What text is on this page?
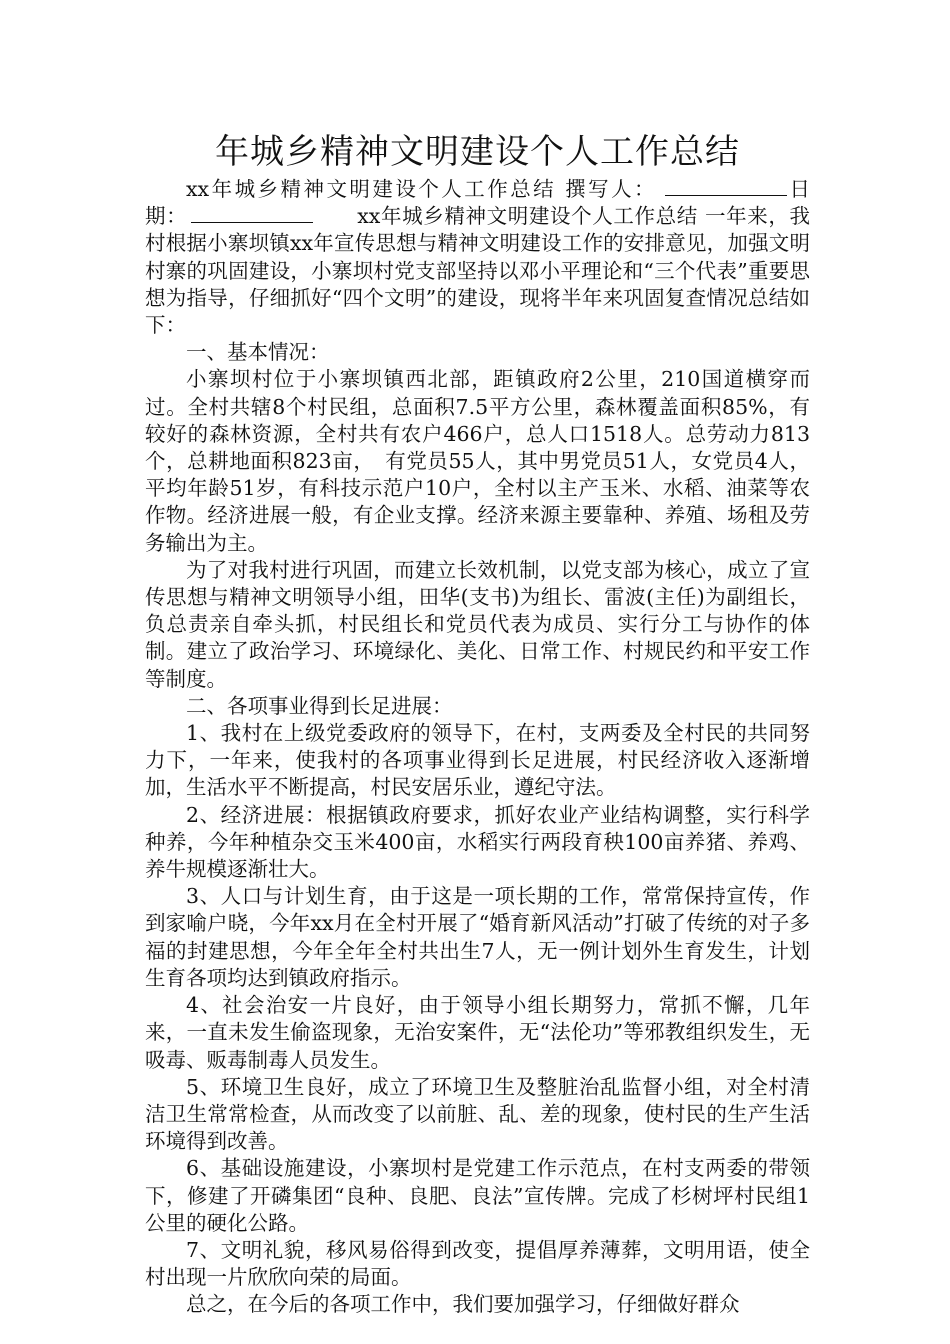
年城乡精神文明建设个人工作总结

xx年城乡精神文明建设个人工作总结 撰写人：	日　期：	xx年城乡精神文明建设个人工作总结 一年来，我村根据小寨坝镇xx年宣传思想与精神文明建设工作的安排意见，加强文明村寨的巩固建设，小寨坝村党支部坚持以邓小平理论和“三个代表”重要思想为指导，仔细抓好“四个文明”的建设，现将半年来巩固复查情况总结如下：

一、基本情况：

小寨坝村位于小寨坝镇西北部，距镇政府2公里，210国道横穿而过。全村共辖8个村民组，总面积7.5平方公里，森林覆盖面积85%，有较好的森林资源，全村共有农户466户，总人口1518人。总劳动力813个，总耕地面积823亩，　有党员55人，其中男党员51人，女党员4人，平均年龄51岁，有科技示范户10户，全村以主产玉米、水稻、油菜等农作物。经济进展一般，有企业支撑。经济来源主要靠种、养殖、场租及劳务输出为主。

为了对我村进行巩固，而建立长效机制，以党支部为核心，成立了宣传思想与精神文明领导小组，田华(支书)为组长、雷波(主任)为副组长，负总责亲自牵头抓，村民组长和党员代表为成员、实行分工与协作的体制。建立了政治学习、环境绿化、美化、日常工作、村规民约和平安工作等制度。

二、各项事业得到长足进展：

1、我村在上级党委政府的领导下，在村，支两委及全村民的共同努力下，一年来，使我村的各项事业得到长足进展，村民经济收入逐渐增加，生活水平不断提高，村民安居乐业，遵纪守法。

2、经济进展：根据镇政府要求，抓好农业产业结构调整，实行科学种养，今年种植杂交玉米400亩，水稻实行两段育秧100亩养猪、养鸡、养牛规模逐渐壮大。

3、人口与计划生育，由于这是一项长期的工作，常常保持宣传，作到家喻户晓，今年xx月在全村开展了“婚育新风活动”打破了传统的对子多福的封建思想，今年全年全村共出生7人，无一例计划外生育发生，计划生育各项均达到镇政府指示。

4、社会治安一片良好，由于领导小组长期努力，常抓不懈，几年来，一直未发生偷盗现象，无治安案件，无“法伦功”等邪教组织发生，无吸毒、贩毒制毒人员发生。

5、环境卫生良好，成立了环境卫生及整脏治乱监督小组，对全村清洁卫生常常检查，从而改变了以前脏、乱、差的现象，使村民的生产生活环境得到改善。

6、基础设施建设，小寨坝村是党建工作示范点，在村支两委的带领下，修建了开磷集团“良种、良肥、良法”宣传牌。完成了杉树坪村民组1公里的硬化公路。

7、文明礼貌，移风易俗得到改变，提倡厚养薄葬，文明用语，使全村出现一片欣欣向荣的局面。

总之，在今后的各项工作中，我们要加强学习，仔细做好群众
